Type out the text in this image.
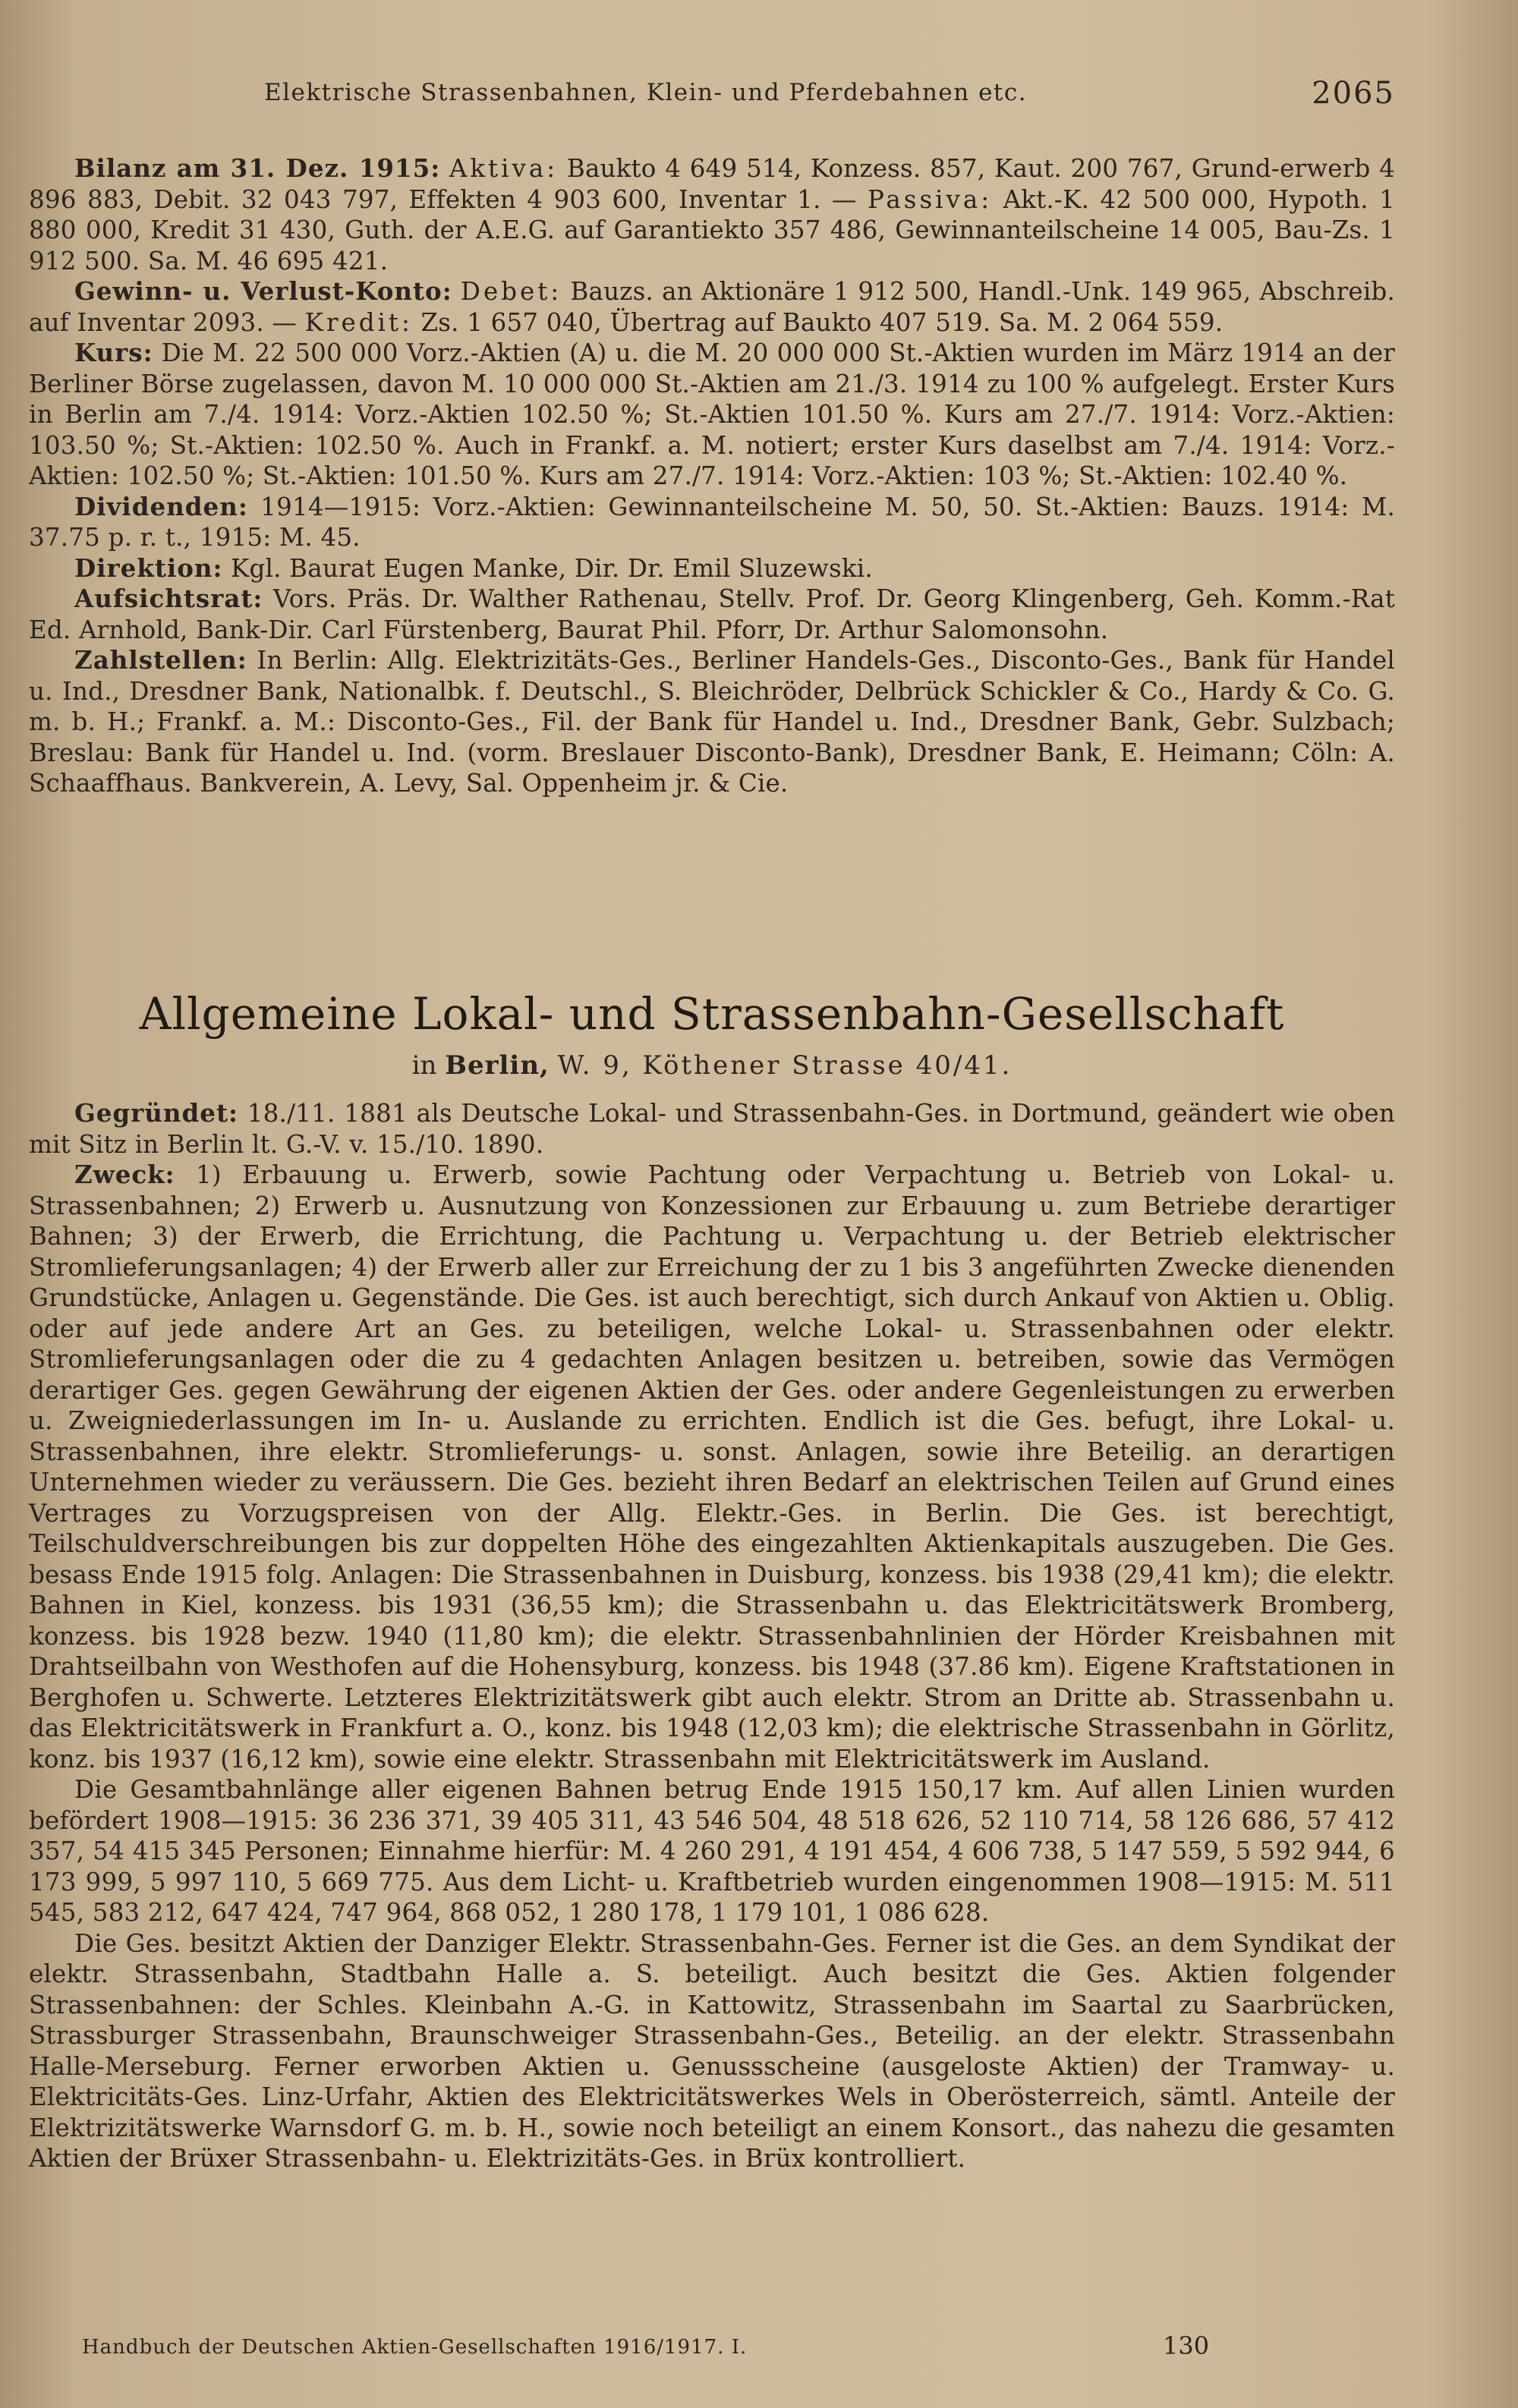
Elektrische Strassenbahnen, Klein- und Pferdebahnen etc.	2065

Bilanz am 31. Dez. 1915: Aktiva: Baukto 4 649 514, Konzess. 857, Kaut. 200 767, Grund-erwerb 4 896 883, Debit. 32 043 797, Effekten 4 903 600, Inventar 1. — Passiva: Akt.-K. 42 500 000, Hypoth. 1 880 000, Kredit 31 430, Guth. der A.E.G. auf Garantiekto 357 486, Gewinnanteilscheine 14 005, Bau-Zs. 1 912 500. Sa. M. 46 695 421.

Gewinn- u. Verlust-Konto: Debet: Bauzs. an Aktionäre 1 912 500, Handl.-Unk. 149 965, Abschreib. auf Inventar 2093. — Kredit: Zs. 1 657 040, Übertrag auf Baukto 407 519. Sa. M. 2 064 559.

Kurs: Die M. 22 500 000 Vorz.-Aktien (A) u. die M. 20 000 000 St.-Aktien wurden im März 1914 an der Berliner Börse zugelassen, davon M. 10 000 000 St.-Aktien am 21./3. 1914 zu 100 % aufgelegt. Erster Kurs in Berlin am 7./4. 1914: Vorz.-Aktien 102.50 %; St.-Aktien 101.50 %. Kurs am 27./7. 1914: Vorz.-Aktien: 103.50 %; St.-Aktien: 102.50 %. Auch in Frankf. a. M. notiert; erster Kurs daselbst am 7./4. 1914: Vorz.-Aktien: 102.50 %; St.-Aktien: 101.50 %. Kurs am 27./7. 1914: Vorz.-Aktien: 103 %; St.-Aktien: 102.40 %.

Dividenden: 1914—1915: Vorz.-Aktien: Gewinnanteilscheine M. 50, 50. St.-Aktien: Bauzs. 1914: M. 37.75 p. r. t., 1915: M. 45.

Direktion: Kgl. Baurat Eugen Manke, Dir. Dr. Emil Sluzewski.

Aufsichtsrat: Vors. Präs. Dr. Walther Rathenau, Stellv. Prof. Dr. Georg Klingenberg, Geh. Komm.-Rat Ed. Arnhold, Bank-Dir. Carl Fürstenberg, Baurat Phil. Pforr, Dr. Arthur Salomonsohn.

Zahlstellen: In Berlin: Allg. Elektrizitäts-Ges., Berliner Handels-Ges., Disconto-Ges., Bank für Handel u. Ind., Dresdner Bank, Nationalbk. f. Deutschl., S. Bleichröder, Delbrück Schickler & Co., Hardy & Co. G. m. b. H.; Frankf. a. M.: Disconto-Ges., Fil. der Bank für Handel u. Ind., Dresdner Bank, Gebr. Sulzbach; Breslau: Bank für Handel u. Ind. (vorm. Breslauer Disconto-Bank), Dresdner Bank, E. Heimann; Cöln: A. Schaaffhaus. Bankverein, A. Levy, Sal. Oppenheim jr. & Cie.

Allgemeine Lokal- und Strassenbahn-Gesellschaft
in Berlin, W. 9, Köthener Strasse 40/41.

Gegründet: 18./11. 1881 als Deutsche Lokal- und Strassenbahn-Ges. in Dortmund, geändert wie oben mit Sitz in Berlin lt. G.-V. v. 15./10. 1890.

Zweck: 1) Erbauung u. Erwerb, sowie Pachtung oder Verpachtung u. Betrieb von Lokal- u. Strassenbahnen; 2) Erwerb u. Ausnutzung von Konzessionen zur Erbauung u. zum Betriebe derartiger Bahnen; 3) der Erwerb, die Errichtung, die Pachtung u. Verpachtung u. der Betrieb elektrischer Stromlieferungsanlagen; 4) der Erwerb aller zur Erreichung der zu 1 bis 3 angeführten Zwecke dienenden Grundstücke, Anlagen u. Gegenstände. Die Ges. ist auch berechtigt, sich durch Ankauf von Aktien u. Oblig. oder auf jede andere Art an Ges. zu beteiligen, welche Lokal- u. Strassenbahnen oder elektr. Stromlieferungsanlagen oder die zu 4 gedachten Anlagen besitzen u. betreiben, sowie das Vermögen derartiger Ges. gegen Gewährung der eigenen Aktien der Ges. oder andere Gegenleistungen zu erwerben u. Zweigniederlassungen im In- u. Auslande zu errichten. Endlich ist die Ges. befugt, ihre Lokal- u. Strassenbahnen, ihre elektr. Stromlieferungs- u. sonst. Anlagen, sowie ihre Beteilig. an derartigen Unternehmen wieder zu veräussern. Die Ges. bezieht ihren Bedarf an elektrischen Teilen auf Grund eines Vertrages zu Vorzugspreisen von der Allg. Elektr.-Ges. in Berlin. Die Ges. ist berechtigt, Teilschuldverschreibungen bis zur doppelten Höhe des eingezahlten Aktienkapitals auszugeben. Die Ges. besass Ende 1915 folg. Anlagen: Die Strassenbahnen in Duisburg, konzess. bis 1938 (29,41 km); die elektr. Bahnen in Kiel, konzess. bis 1931 (36,55 km); die Strassenbahn u. das Elektricitätswerk Bromberg, konzess. bis 1928 bezw. 1940 (11,80 km); die elektr. Strassenbahnlinien der Hörder Kreisbahnen mit Drahtseilbahn von Westhofen auf die Hohensyburg, konzess. bis 1948 (37.86 km). Eigene Kraftstationen in Berghofen u. Schwerte. Letzteres Elektrizitätswerk gibt auch elektr. Strom an Dritte ab. Strassenbahn u. das Elektricitätswerk in Frankfurt a. O., konz. bis 1948 (12,03 km); die elektrische Strassenbahn in Görlitz, konz. bis 1937 (16,12 km), sowie eine elektr. Strassenbahn mit Elektricitätswerk im Ausland.

Die Gesamtbahnlänge aller eigenen Bahnen betrug Ende 1915 150,17 km. Auf allen Linien wurden befördert 1908—1915: 36 236 371, 39 405 311, 43 546 504, 48 518 626, 52 110 714, 58 126 686, 57 412 357, 54 415 345 Personen; Einnahme hierfür: M. 4 260 291, 4 191 454, 4 606 738, 5 147 559, 5 592 944, 6 173 999, 5 997 110, 5 669 775. Aus dem Licht- u. Kraftbetrieb wurden eingenommen 1908—1915: M. 511 545, 583 212, 647 424, 747 964, 868 052, 1 280 178, 1 179 101, 1 086 628.

Die Ges. besitzt Aktien der Danziger Elektr. Strassenbahn-Ges. Ferner ist die Ges. an dem Syndikat der elektr. Strassenbahn, Stadtbahn Halle a. S. beteiligt. Auch besitzt die Ges. Aktien folgender Strassenbahnen: der Schles. Kleinbahn A.-G. in Kattowitz, Strassenbahn im Saartal zu Saarbrücken, Strassburger Strassenbahn, Braunschweiger Strassenbahn-Ges., Beteilig. an der elektr. Strassenbahn Halle-Merseburg. Ferner erworben Aktien u. Genussscheine (ausgeloste Aktien) der Tramway- u. Elektricitäts-Ges. Linz-Urfahr, Aktien des Elektricitätswerkes Wels in Oberösterreich, sämtl. Anteile der Elektrizitätswerke Warnsdorf G. m. b. H., sowie noch beteiligt an einem Konsort., das nahezu die gesamten Aktien der Brüxer Strassenbahn- u. Elektrizitäts-Ges. in Brüx kontrolliert.

Handbuch der Deutschen Aktien-Gesellschaften 1916/1917. I.	130
